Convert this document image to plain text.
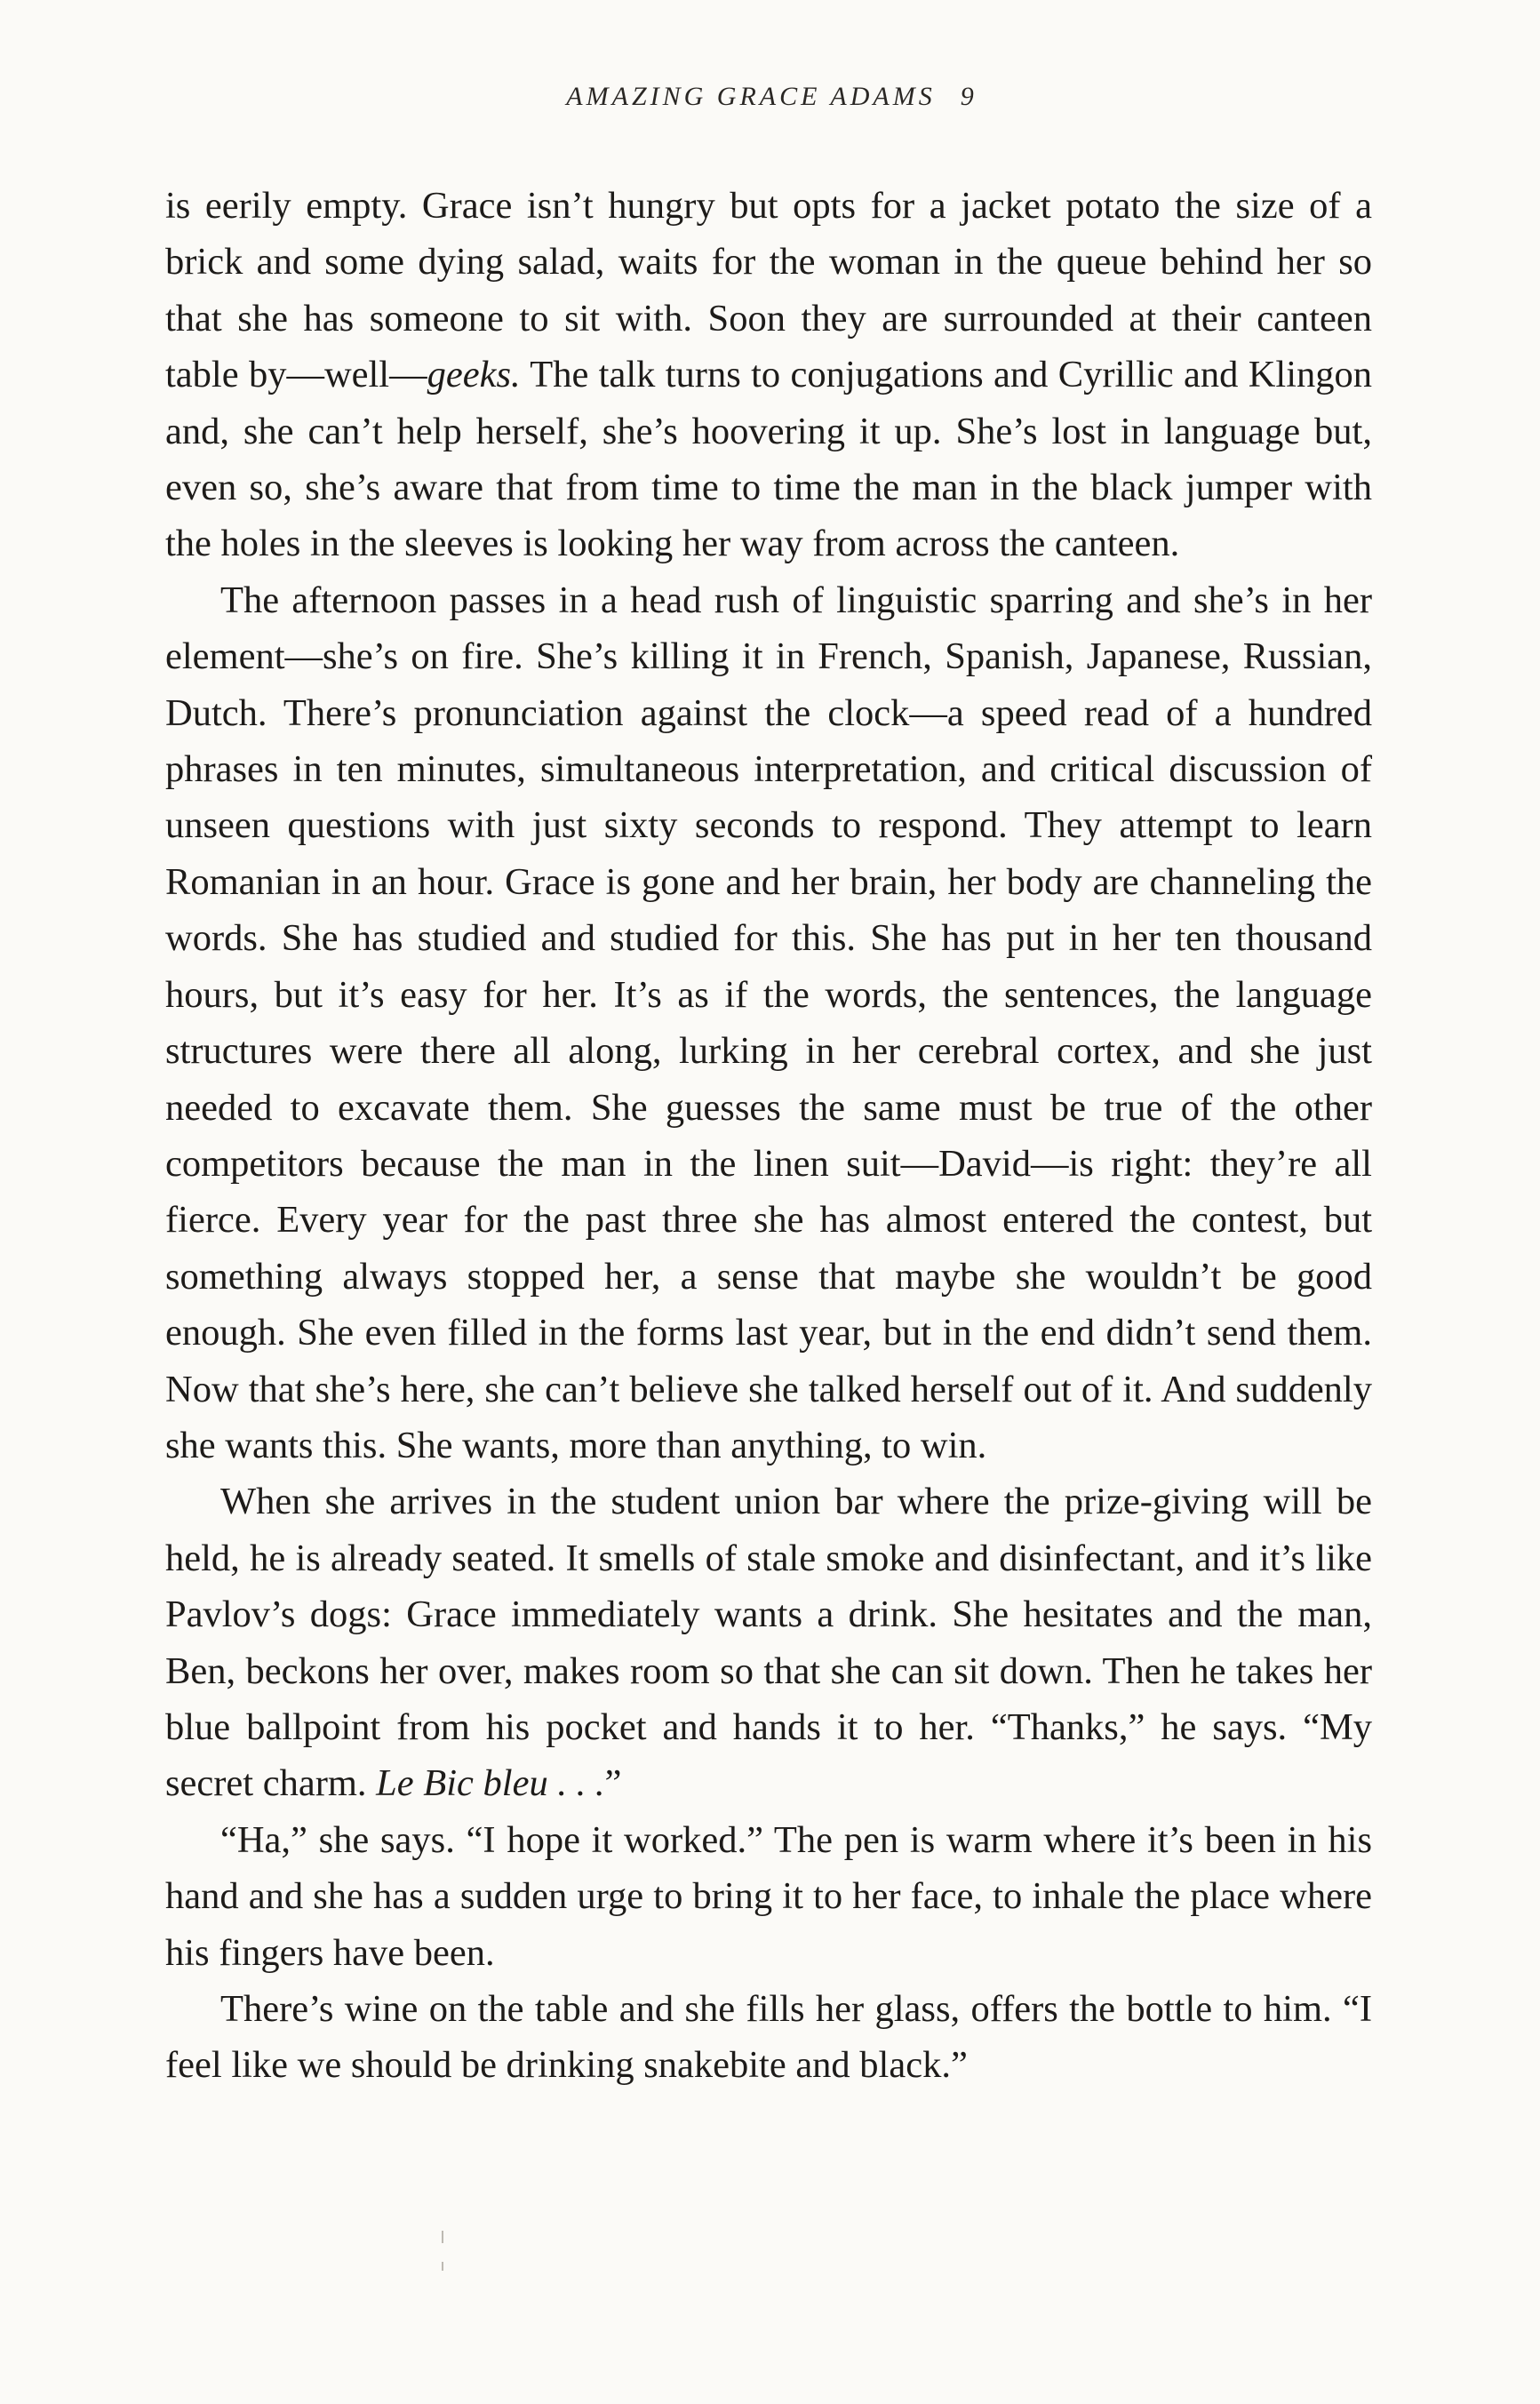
AMAZING GRACE ADAMS 9

is eerily empty. Grace isn’t hungry but opts for a jacket potato the size of a brick and some dying salad, waits for the woman in the queue behind her so that she has someone to sit with. Soon they are surrounded at their canteen table by—well—geeks. The talk turns to conjugations and Cyrillic and Klingon and, she can’t help herself, she’s hoovering it up. She’s lost in language but, even so, she’s aware that from time to time the man in the black jumper with the holes in the sleeves is looking her way from across the canteen.

The afternoon passes in a head rush of linguistic sparring and she’s in her element—she’s on fire. She’s killing it in French, Spanish, Japanese, Russian, Dutch. There’s pronunciation against the clock—a speed read of a hundred phrases in ten minutes, simultaneous interpretation, and critical discussion of unseen questions with just sixty seconds to respond. They attempt to learn Romanian in an hour. Grace is gone and her brain, her body are channeling the words. She has studied and studied for this. She has put in her ten thousand hours, but it’s easy for her. It’s as if the words, the sentences, the language structures were there all along, lurking in her cerebral cortex, and she just needed to excavate them. She guesses the same must be true of the other competitors because the man in the linen suit—David—is right: they’re all fierce. Every year for the past three she has almost entered the contest, but something always stopped her, a sense that maybe she wouldn’t be good enough. She even filled in the forms last year, but in the end didn’t send them. Now that she’s here, she can’t believe she talked herself out of it. And suddenly she wants this. She wants, more than anything, to win.

When she arrives in the student union bar where the prize-giving will be held, he is already seated. It smells of stale smoke and disinfectant, and it’s like Pavlov’s dogs: Grace immediately wants a drink. She hesitates and the man, Ben, beckons her over, makes room so that she can sit down. Then he takes her blue ballpoint from his pocket and hands it to her. “Thanks,” he says. “My secret charm. Le Bic bleu . . .”

“Ha,” she says. “I hope it worked.” The pen is warm where it’s been in his hand and she has a sudden urge to bring it to her face, to inhale the place where his fingers have been.

There’s wine on the table and she fills her glass, offers the bottle to him. “I feel like we should be drinking snakebite and black.”
